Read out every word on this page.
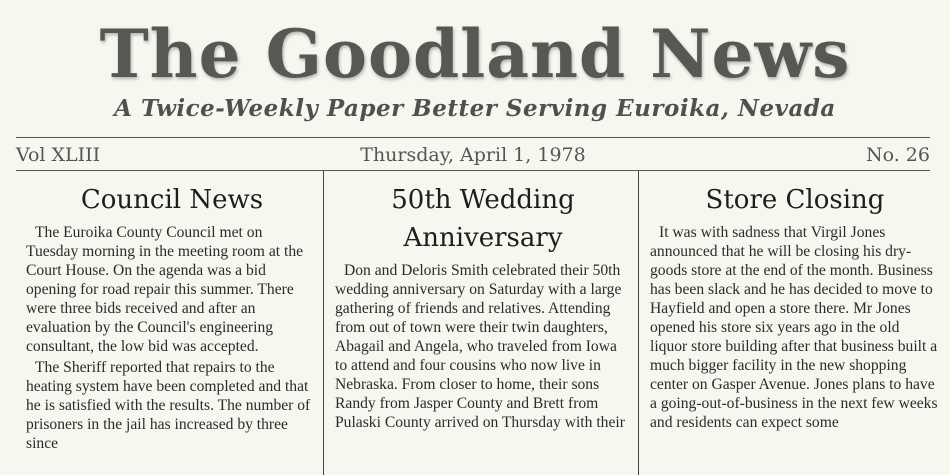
The Goodland News
A Twice-Weekly Paper Better Serving Euroika, Nevada
Vol XLIII	Thursday, April 1, 1978	No. 26
Council News

The Euroika County Council met on Tuesday morning in the meeting room at the Court House. On the agenda was a bid opening for road repair this summer. There were three bids received and after an evaluation by the Council's engineering consultant, the low bid was accepted.

The Sheriff reported that repairs to the heating system have been completed and that he is satisfied with the results. The number of prisoners in the jail has increased by three since

50th Wedding Anniversary

Don and Deloris Smith celebrated their 50th wedding anniversary on Saturday with a large gathering of friends and relatives. Attending from out of town were their twin daughters, Abagail and Angela, who traveled from Iowa to attend and four cousins who now live in Nebraska. From closer to home, their sons Randy from Jasper County and Brett from Pulaski County arrived on Thursday with their

Store Closing

It was with sadness that Virgil Jones announced that he will be closing his dry-goods store at the end of the month. Business has been slack and he has decided to move to Hayfield and open a store there. Mr Jones opened his store six years ago in the old liquor store building after that business built a much bigger facility in the new shopping center on Gasper Avenue. Jones plans to have a going-out-of-business in the next few weeks and residents can expect some
